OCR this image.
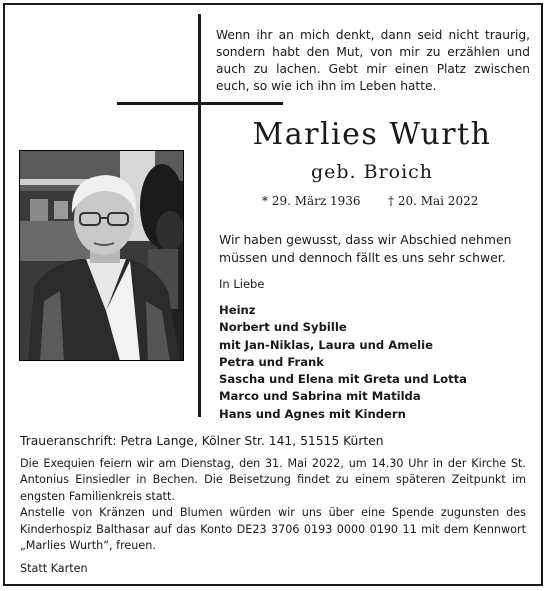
Wenn ihr an mich denkt, dann seid nicht traurig, sondern habt den Mut, von mir zu erzählen und auch zu lachen. Gebt mir einen Platz zwischen euch, so wie ich ihn im Leben hatte.
Marlies Wurth
geb. Broich
* 29. März 1936 † 20. Mai 2022
Wir haben gewusst, dass wir Abschied nehmen müssen und dennoch fällt es uns sehr schwer.
In Liebe
Heinz
Norbert und Sybille
mit Jan-Niklas, Laura und Amelie
Petra und Frank
Sascha und Elena mit Greta und Lotta
Marco und Sabrina mit Matilda
Hans und Agnes mit Kindern
Traueranschrift: Petra Lange, Kölner Str. 141, 51515 Kürten

Die Exequien feiern wir am Dienstag, den 31. Mai 2022, um 14.30 Uhr in der Kirche St. Antonius Einsiedler in Bechen. Die Beisetzung findet zu einem späteren Zeitpunkt im engsten Familienkreis statt.

Anstelle von Kränzen und Blumen würden wir uns über eine Spende zugunsten des Kinderhospiz Balthasar auf das Konto DE23 3706 0193 0000 0190 11 mit dem Kennwort „Marlies Wurth“, freuen.

Statt Karten
